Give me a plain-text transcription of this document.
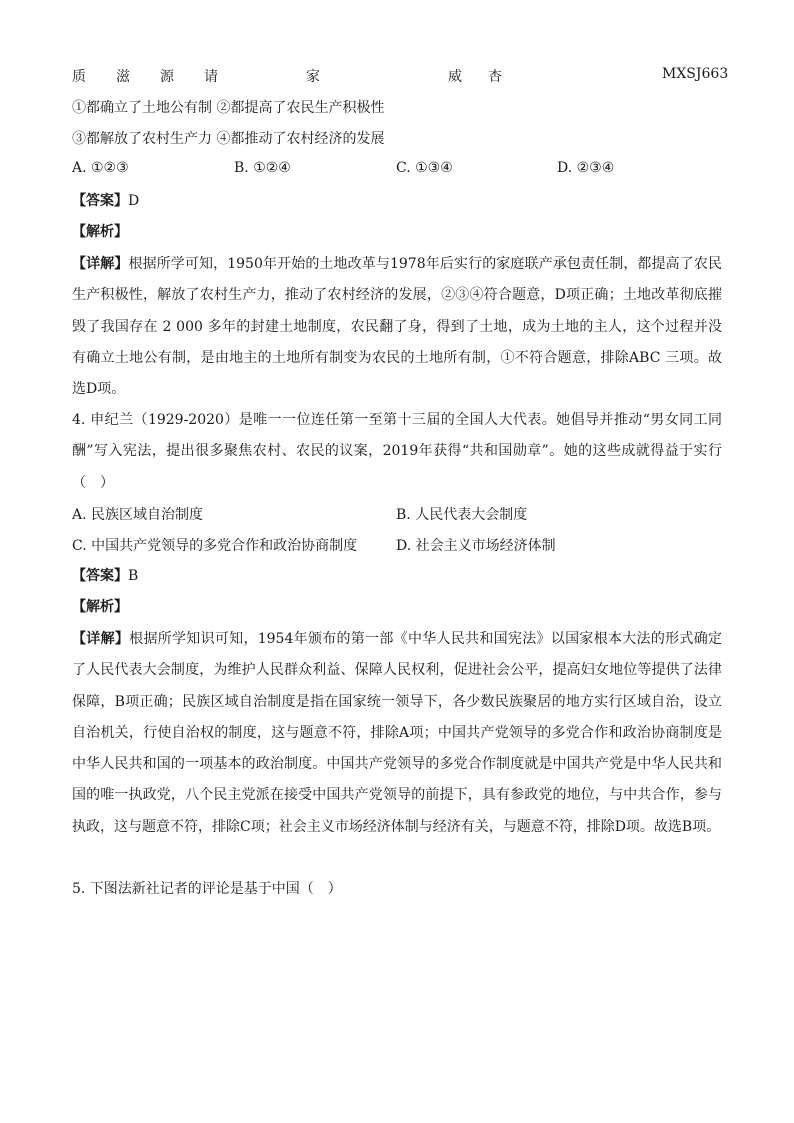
质 滋 源 请	家	威 杏	MXSJ663
①都确立了土地公有制 ②都提高了农民生产积极性
③都解放了农村生产力 ④都推动了农村经济的发展
A. ①②③	B. ①②④	C. ①③④	D. ②③④
【答案】D
【解析】
【详解】根据所学可知，1950年开始的土地改革与1978年后实行的家庭联产承包责任制，都提高了农民生产积极性，解放了农村生产力，推动了农村经济的发展，②③④符合题意，D项正确；土地改革彻底摧毁了我国存在 2 000 多年的封建土地制度，农民翻了身，得到了土地，成为土地的主人，这个过程并没有确立土地公有制，是由地主的土地所有制变为农民的土地所有制，①不符合题意，排除ABC 三项。故选D项。
4. 申纪兰（1929-2020）是唯一一位连任第一至第十三届的全国人大代表。她倡导并推动“男女同工同酬”写入宪法，提出很多聚焦农村、农民的议案，2019年获得“共和国勋章”。她的这些成就得益于实行（　）
A. 民族区域自治制度	B. 人民代表大会制度
C. 中国共产党领导的多党合作和政治协商制度	D. 社会主义市场经济体制
【答案】B
【解析】
【详解】根据所学知识可知，1954年颁布的第一部《中华人民共和国宪法》以国家根本大法的形式确定了人民代表大会制度，为维护人民群众利益、保障人民权利，促进社会公平，提高妇女地位等提供了法律保障，B项正确；民族区域自治制度是指在国家统一领导下，各少数民族聚居的地方实行区域自治，设立自治机关，行使自治权的制度，这与题意不符，排除A项；中国共产党领导的多党合作和政治协商制度是中华人民共和国的一项基本的政治制度。中国共产党领导的多党合作制度就是中国共产党是中华人民共和国的唯一执政党，八个民主党派在接受中国共产党领导的前提下，具有参政党的地位，与中共合作，参与执政，这与题意不符，排除C项；社会主义市场经济体制与经济有关，与题意不符，排除D项。故选B项。
5. 下图法新社记者的评论是基于中国（　）
